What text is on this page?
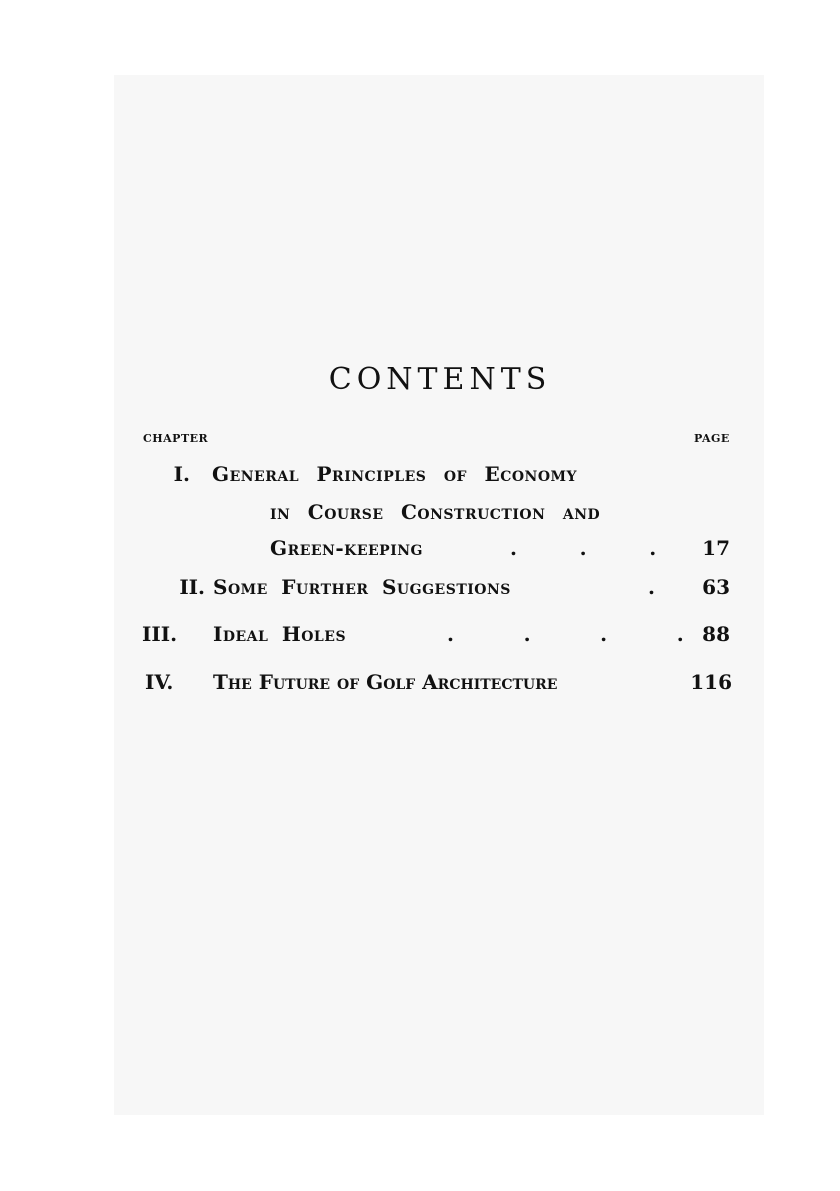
CONTENTS
CHAPTER	PAGE
I. General Principles of Economy
in Course Construction and
Green-keeping	.         .         .	17
II. Some Further Suggestions	.	63
III.	Ideal Holes	.          .          .          . 88
IV.	The Future of Golf Architecture	116
